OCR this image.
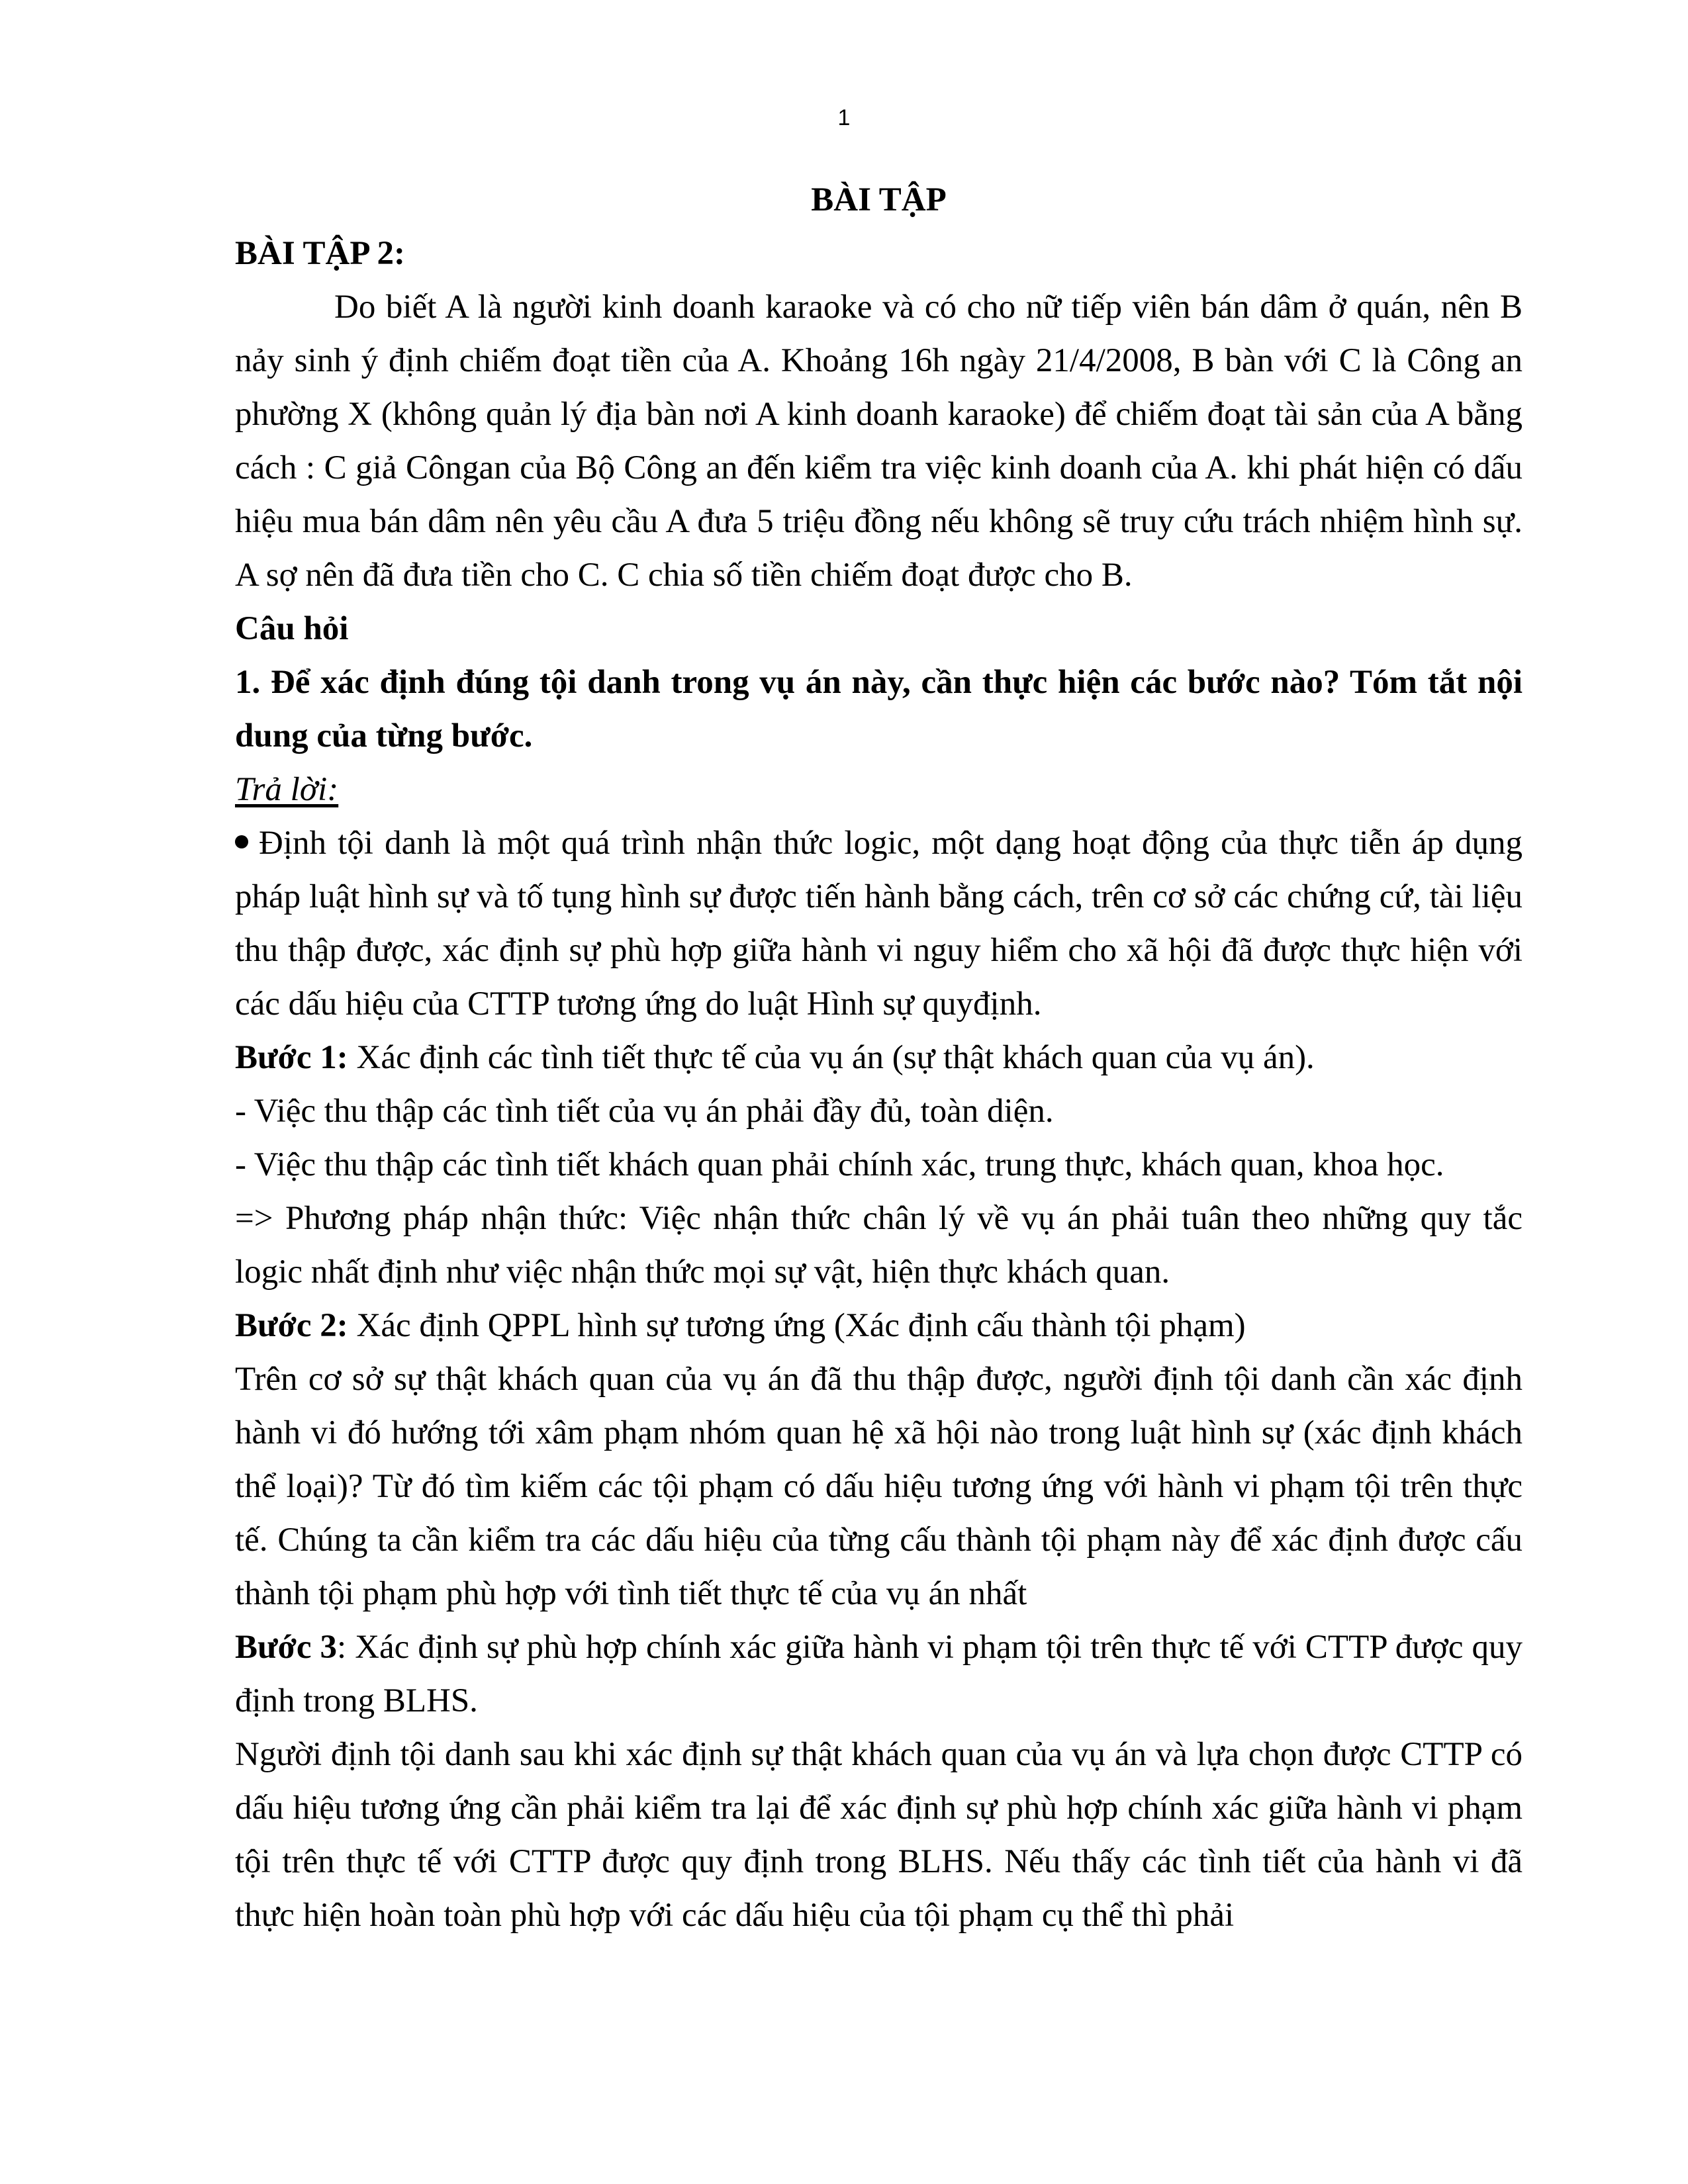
1

BÀI TẬP

BÀI TẬP 2:

Do biết A là người kinh doanh karaoke và có cho nữ tiếp viên bán dâm ở quán, nên B nảy sinh ý định chiếm đoạt tiền của A. Khoảng 16h ngày 21/4/2008, B bàn với C là Công an phường X (không quản lý địa bàn nơi A kinh doanh karaoke) để chiếm đoạt tài sản của A bằng cách : C giả Côngan của Bộ Công an đến kiểm tra việc kinh doanh của A. khi phát hiện có dấu hiệu mua bán dâm nên yêu cầu A đưa 5 triệu đồng nếu không sẽ truy cứu trách nhiệm hình sự. A sợ nên đã đưa tiền cho C. C chia số tiền chiếm đoạt được cho B.

Câu hỏi

1. Để xác định đúng tội danh trong vụ án này, cần thực hiện các bước nào? Tóm tắt nội dung của từng bước.

Trả lời:

Định tội danh là một quá trình nhận thức logic, một dạng hoạt động của thực tiễn áp dụng pháp luật hình sự và tố tụng hình sự được tiến hành bằng cách, trên cơ sở các chứng cứ, tài liệu thu thập được, xác định sự phù hợp giữa hành vi nguy hiểm cho xã hội đã được thực hiện với các dấu hiệu của CTTP tương ứng do luật Hình sự quyđịnh.

Bước 1: Xác định các tình tiết thực tế của vụ án (sự thật khách quan của vụ án).

- Việc thu thập các tình tiết của vụ án phải đầy đủ, toàn diện.

- Việc thu thập các tình tiết khách quan phải chính xác, trung thực, khách quan, khoa học.

=> Phương pháp nhận thức: Việc nhận thức chân lý về vụ án phải tuân theo những quy tắc logic nhất định như việc nhận thức mọi sự vật, hiện thực khách quan.

Bước 2: Xác định QPPL hình sự tương ứng (Xác định cấu thành tội phạm)

Trên cơ sở sự thật khách quan của vụ án đã thu thập được, người định tội danh cần xác định hành vi đó hướng tới xâm phạm nhóm quan hệ xã hội nào trong luật hình sự (xác định khách thể loại)? Từ đó tìm kiếm các tội phạm có dấu hiệu tương ứng với hành vi phạm tội trên thực tế. Chúng ta cần kiểm tra các dấu hiệu của từng cấu thành tội phạm này để xác định được cấu thành tội phạm phù hợp với tình tiết thực tế của vụ án nhất

Bước 3: Xác định sự phù hợp chính xác giữa hành vi phạm tội trên thực tế với CTTP được quy định trong BLHS.

Người định tội danh sau khi xác định sự thật khách quan của vụ án và lựa chọn được CTTP có dấu hiệu tương ứng cần phải kiểm tra lại để xác định sự phù hợp chính xác giữa hành vi phạm tội trên thực tế với CTTP được quy định trong BLHS. Nếu thấy các tình tiết của hành vi đã thực hiện hoàn toàn phù hợp với các dấu hiệu của tội phạm cụ thể thì phải
